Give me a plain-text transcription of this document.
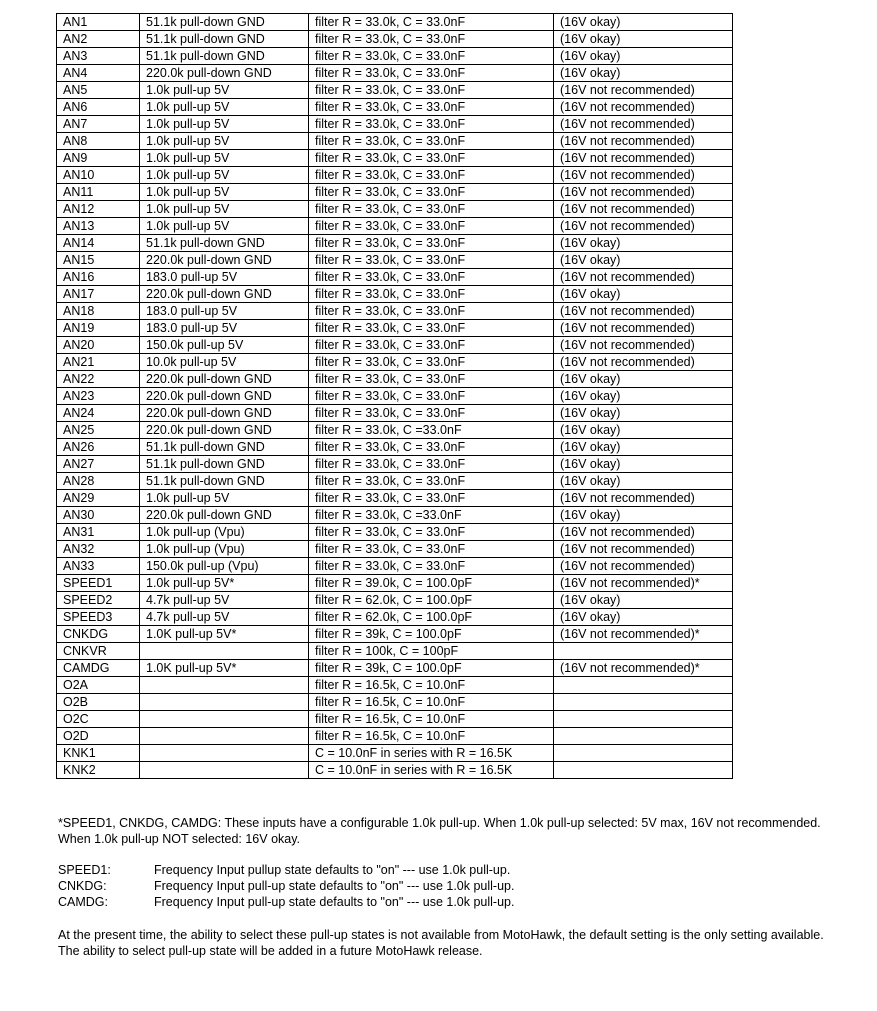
AN1	51.1k pull-down GND	filter R = 33.0k, C = 33.0nF	(16V okay)
AN2	51.1k pull-down GND	filter R = 33.0k, C = 33.0nF	(16V okay)
AN3	51.1k pull-down GND	filter R = 33.0k, C = 33.0nF	(16V okay)
AN4	220.0k pull-down GND	filter R = 33.0k, C = 33.0nF	(16V okay)
AN5	1.0k pull-up 5V	filter R = 33.0k, C = 33.0nF	(16V not recommended)
AN6	1.0k pull-up 5V	filter R = 33.0k, C = 33.0nF	(16V not recommended)
AN7	1.0k pull-up 5V	filter R = 33.0k, C = 33.0nF	(16V not recommended)
AN8	1.0k pull-up 5V	filter R = 33.0k, C = 33.0nF	(16V not recommended)
AN9	1.0k pull-up 5V	filter R = 33.0k, C = 33.0nF	(16V not recommended)
AN10	1.0k pull-up 5V	filter R = 33.0k, C = 33.0nF	(16V not recommended)
AN11	1.0k pull-up 5V	filter R = 33.0k, C = 33.0nF	(16V not recommended)
AN12	1.0k pull-up 5V	filter R = 33.0k, C = 33.0nF	(16V not recommended)
AN13	1.0k pull-up 5V	filter R = 33.0k, C = 33.0nF	(16V not recommended)
AN14	51.1k pull-down GND	filter R = 33.0k, C = 33.0nF	(16V okay)
AN15	220.0k pull-down GND	filter R = 33.0k, C = 33.0nF	(16V okay)
AN16	183.0 pull-up 5V	filter R = 33.0k, C = 33.0nF	(16V not recommended)
AN17	220.0k pull-down GND	filter R = 33.0k, C = 33.0nF	(16V okay)
AN18	183.0 pull-up 5V	filter R = 33.0k, C = 33.0nF	(16V not recommended)
AN19	183.0 pull-up 5V	filter R = 33.0k, C = 33.0nF	(16V not recommended)
AN20	150.0k pull-up 5V	filter R = 33.0k, C = 33.0nF	(16V not recommended)
AN21	10.0k pull-up 5V	filter R = 33.0k, C = 33.0nF	(16V not recommended)
AN22	220.0k pull-down GND	filter R = 33.0k, C = 33.0nF	(16V okay)
AN23	220.0k pull-down GND	filter R = 33.0k, C = 33.0nF	(16V okay)
AN24	220.0k pull-down GND	filter R = 33.0k, C = 33.0nF	(16V okay)
AN25	220.0k pull-down GND	filter R = 33.0k, C =33.0nF	(16V okay)
AN26	51.1k pull-down GND	filter R = 33.0k, C = 33.0nF	(16V okay)
AN27	51.1k pull-down GND	filter R = 33.0k, C = 33.0nF	(16V okay)
AN28	51.1k pull-down GND	filter R = 33.0k, C = 33.0nF	(16V okay)
AN29	1.0k pull-up 5V	filter R = 33.0k, C = 33.0nF	(16V not recommended)
AN30	220.0k pull-down GND	filter R = 33.0k, C =33.0nF	(16V okay)
AN31	1.0k pull-up (Vpu)	filter R = 33.0k, C = 33.0nF	(16V not recommended)
AN32	1.0k pull-up (Vpu)	filter R = 33.0k, C = 33.0nF	(16V not recommended)
AN33	150.0k pull-up (Vpu)	filter R = 33.0k, C = 33.0nF	(16V not recommended)
SPEED1	1.0k pull-up 5V*	filter R = 39.0k, C = 100.0pF	(16V not recommended)*
SPEED2	4.7k pull-up 5V	filter R = 62.0k, C = 100.0pF	(16V okay)
SPEED3	4.7k pull-up 5V	filter R = 62.0k, C = 100.0pF	(16V okay)
CNKDG	1.0K pull-up 5V*	filter R = 39k, C = 100.0pF	(16V not recommended)*
CNKVR		filter R = 100k, C = 100pF	
CAMDG	1.0K pull-up 5V*	filter R = 39k, C = 100.0pF	(16V not recommended)*
O2A		filter R = 16.5k, C = 10.0nF	
O2B		filter R = 16.5k, C = 10.0nF	
O2C		filter R = 16.5k, C = 10.0nF	
O2D		filter R = 16.5k, C = 10.0nF	
KNK1		C = 10.0nF in series with R = 16.5K	
KNK2		C = 10.0nF in series with R = 16.5K	
*SPEED1, CNKDG, CAMDG: These inputs have a configurable 1.0k pull-up. When 1.0k pull-up selected: 5V max, 16V not recommended. When 1.0k pull-up NOT selected: 16V okay.
SPEED1:	Frequency Input pullup state defaults to "on" --- use 1.0k pull-up.
CNKDG:	Frequency Input pull-up state defaults to "on" --- use 1.0k pull-up.
CAMDG:	Frequency Input pull-up state defaults to "on" --- use 1.0k pull-up.
At the present time, the ability to select these pull-up states is not available from MotoHawk, the default setting is the only setting available. The ability to select pull-up state will be added in a future MotoHawk release.
